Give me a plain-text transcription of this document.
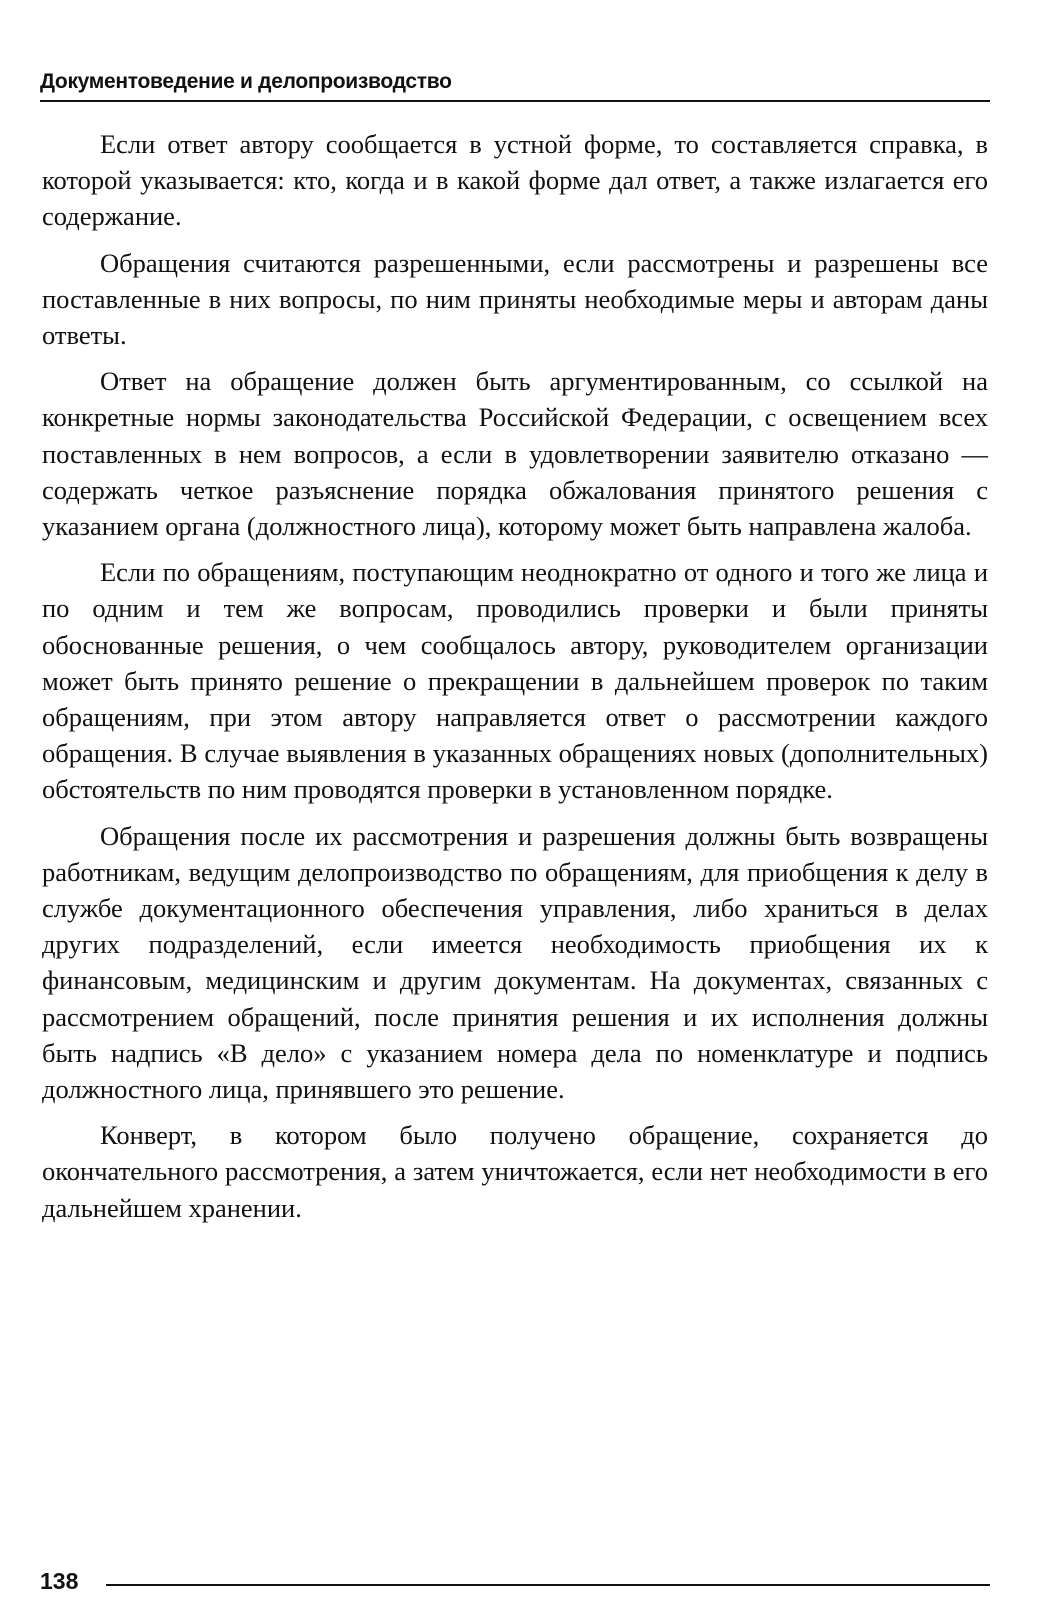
Документоведение и делопроизводство

Если ответ автору сообщается в устной форме, то составляется справка, в которой указывается: кто, когда и в какой форме дал ответ, а также излагается его содержание.

Обращения считаются разрешенными, если рассмотрены и разрешены все поставленные в них вопросы, по ним приняты необходимые меры и авторам даны ответы.

Ответ на обращение должен быть аргументированным, со ссылкой на конкретные нормы законодательства Российской Федерации, с освещением всех поставленных в нем вопросов, а если в удовлетворении заявителю отказано — содержать четкое разъяснение порядка обжалования принятого решения с указанием органа (должностного лица), которому может быть направлена жалоба.

Если по обращениям, поступающим неоднократно от одного и того же лица и по одним и тем же вопросам, проводились проверки и были приняты обоснованные решения, о чем сообщалось автору, руководителем организации может быть принято решение о прекращении в дальнейшем проверок по таким обращениям, при этом автору направляется ответ о рассмотрении каждого обращения. В случае выявления в указанных обращениях новых (дополнительных) обстоятельств по ним проводятся проверки в установленном порядке.

Обращения после их рассмотрения и разрешения должны быть возвращены работникам, ведущим делопроизводство по обращениям, для приобщения к делу в службе документационного обеспечения управления, либо храниться в делах других подразделений, если имеется необходимость приобщения их к финансовым, медицинским и другим документам. На документах, связанных с рассмотрением обращений, после принятия решения и их исполнения должны быть надпись «В дело» с указанием номера дела по номенклатуре и подпись должностного лица, принявшего это решение.

Конверт, в котором было получено обращение, сохраняется до окончательного рассмотрения, а затем уничтожается, если нет необходимости в его дальнейшем хранении.

138
